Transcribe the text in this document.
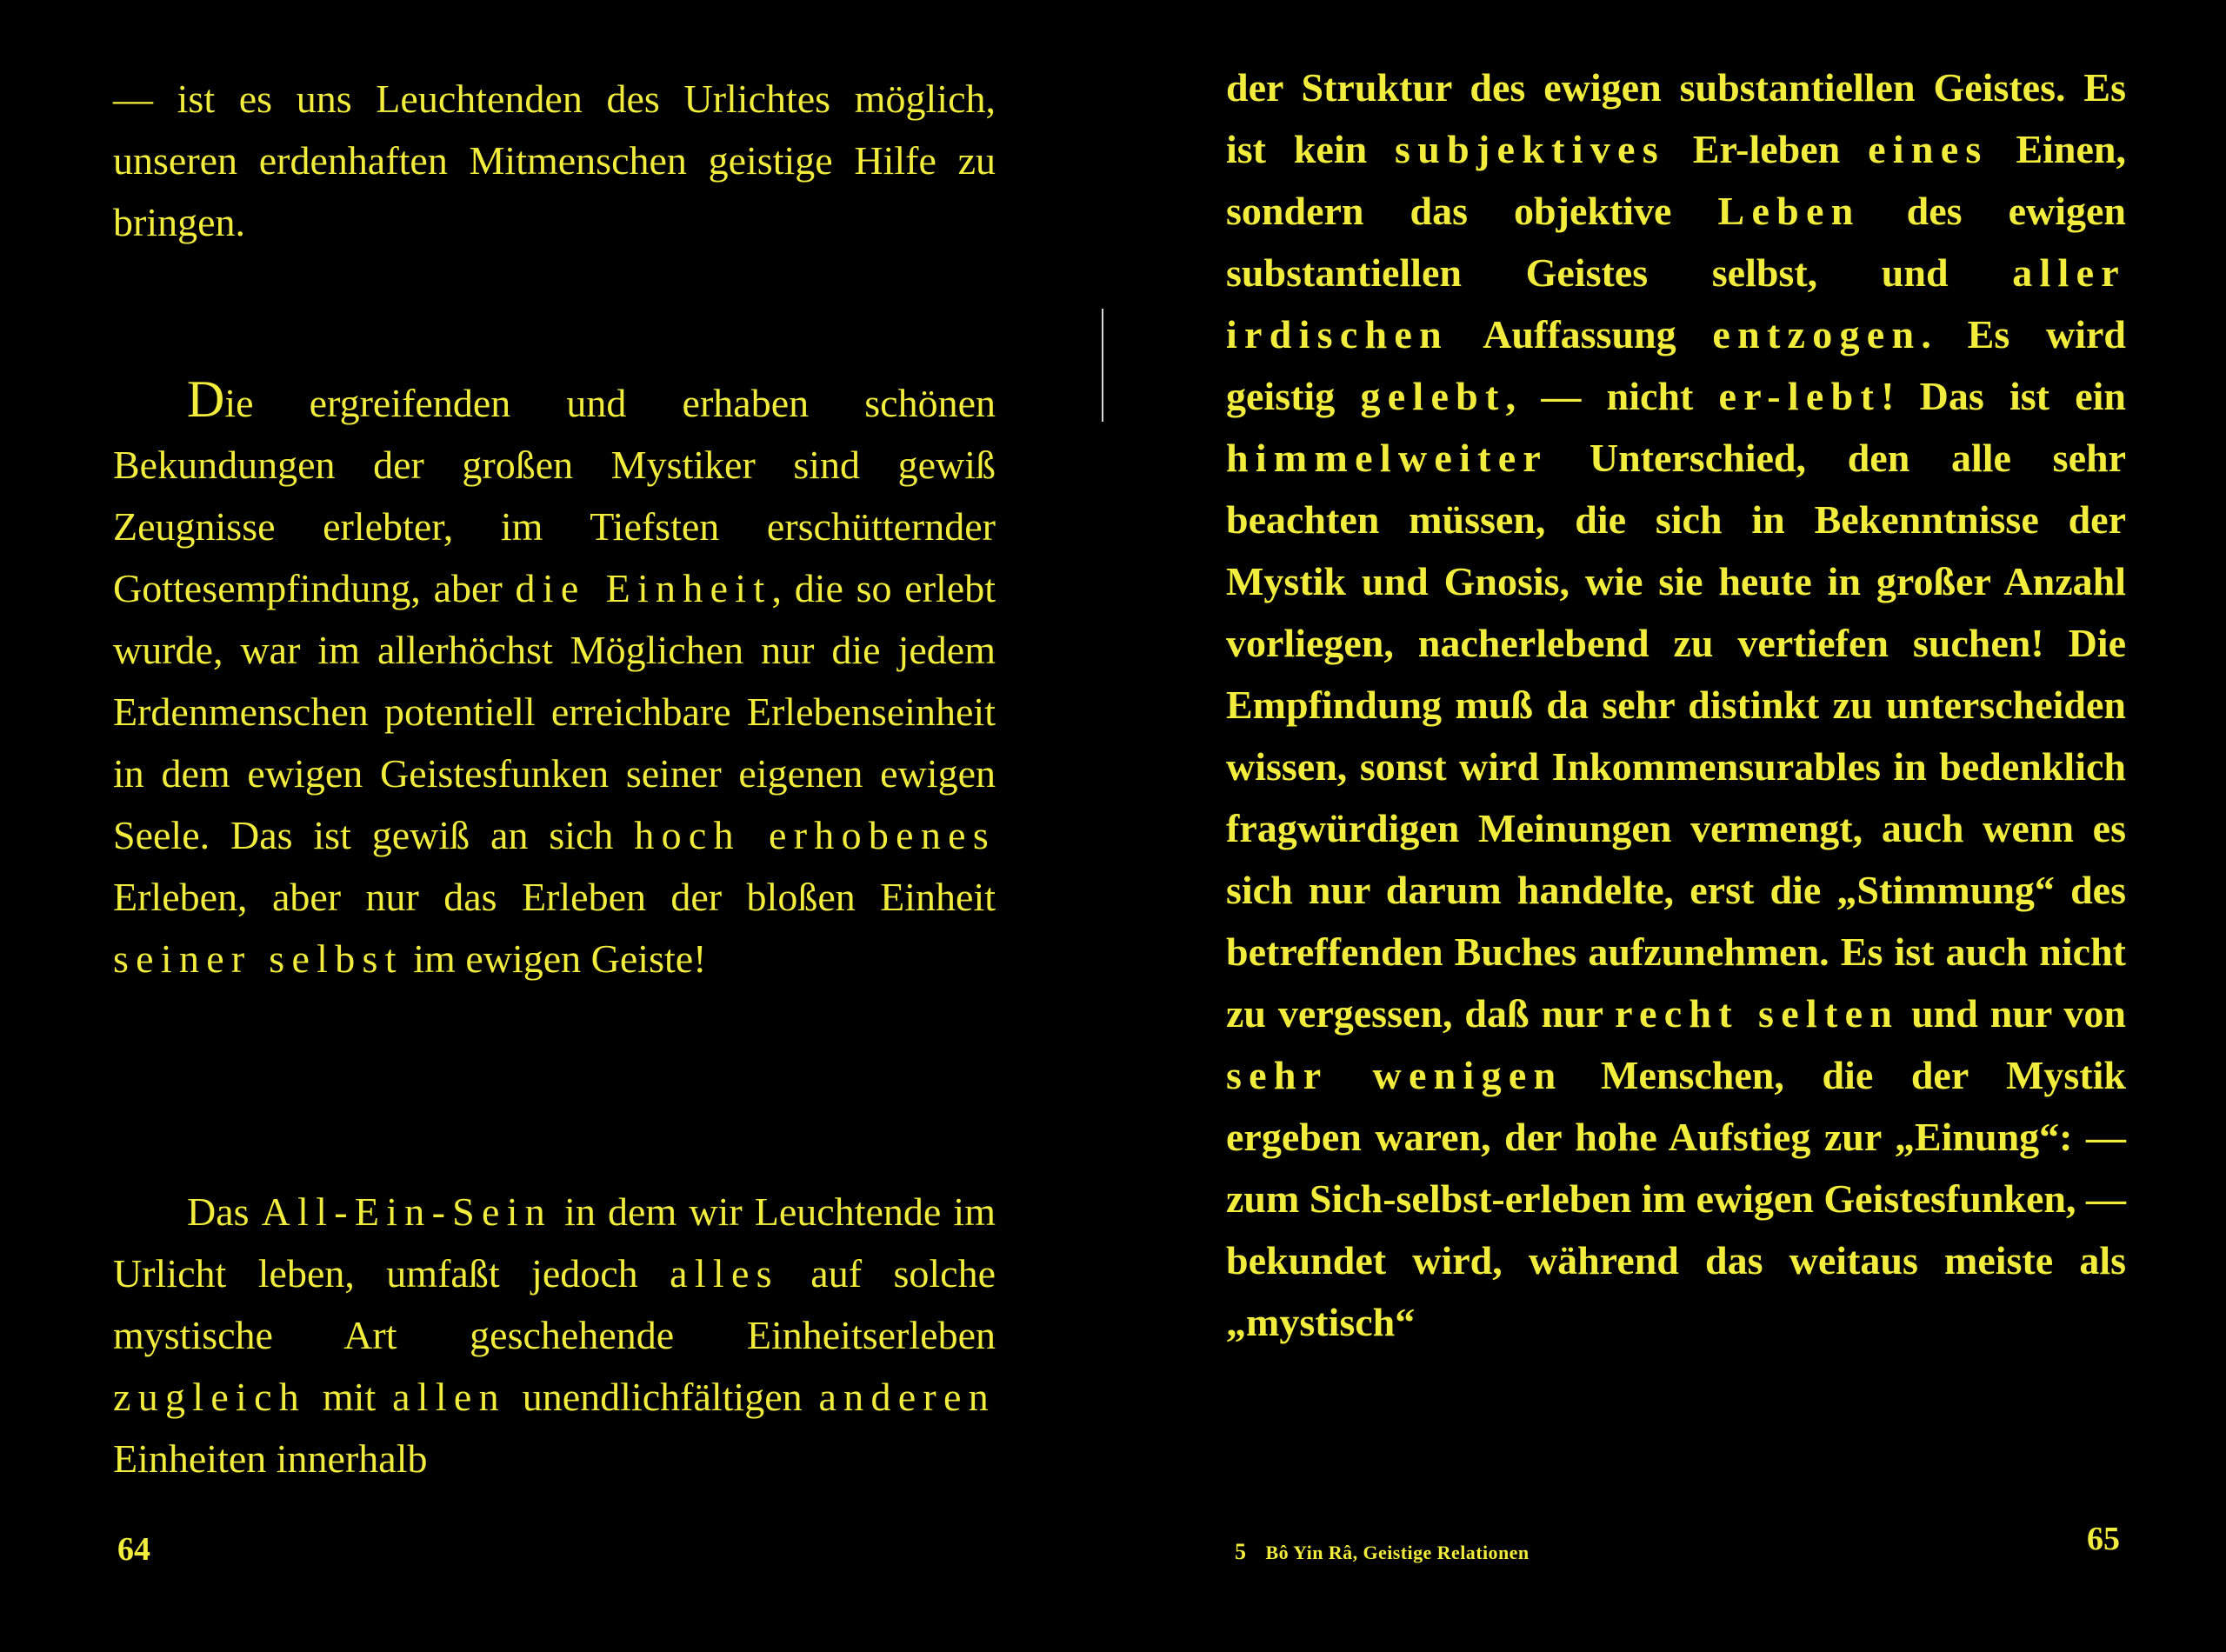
— ist es uns Leuchtenden des Urlichtes möglich, unseren erdenhaften Mitmenschen geistige Hilfe zu bringen.

Die ergreifenden und erhaben schönen Bekundungen der großen Mystiker sind gewiß Zeugnisse erlebter, im Tiefsten erschütternder Gottesempfindung, aber die Einheit, die so erlebt wurde, war im allerhöchst Möglichen nur die jedem Erdenmenschen potentiell erreichbare Erlebenseinheit in dem ewigen Geistesfunken seiner eigenen ewigen Seele. Das ist gewiß an sich hoch erhobenes Erleben, aber nur das Erleben der bloßen Einheit seiner selbst im ewigen Geiste!

Das All-Ein-Sein in dem wir Leuchtende im Urlicht leben, umfaßt jedoch alles auf solche mystische Art geschehende Einheitserleben zugleich mit allen unendlichfältigen anderen Einheiten innerhalb

64

der Struktur des ewigen substantiellen Geistes. Es ist kein subjektives Er-leben eines Einen, sondern das objektive Leben des ewigen substantiellen Geistes selbst, und aller irdischen Auffassung entzogen. Es wird geistig gelebt, — nicht er-lebt! Das ist ein himmelweiter Unterschied, den alle sehr beachten müssen, die sich in Bekenntnisse der Mystik und Gnosis, wie sie heute in großer Anzahl vorliegen, nacherlebend zu vertiefen suchen! Die Empfindung muß da sehr distinkt zu unterscheiden wissen, sonst wird Inkommensurables in bedenklich fragwürdigen Meinungen vermengt, auch wenn es sich nur darum handelte, erst die „Stimmung“ des betreffenden Buches aufzunehmen. Es ist auch nicht zu vergessen, daß nur recht selten und nur von sehr wenigen Menschen, die der Mystik ergeben waren, der hohe Aufstieg zur „Einung“: — zum Sich-selbst-erleben im ewigen Geistesfunken, — bekundet wird, während das weitaus meiste als „mystisch“

5 Bô Yin Râ, Geistige Relationen	65
